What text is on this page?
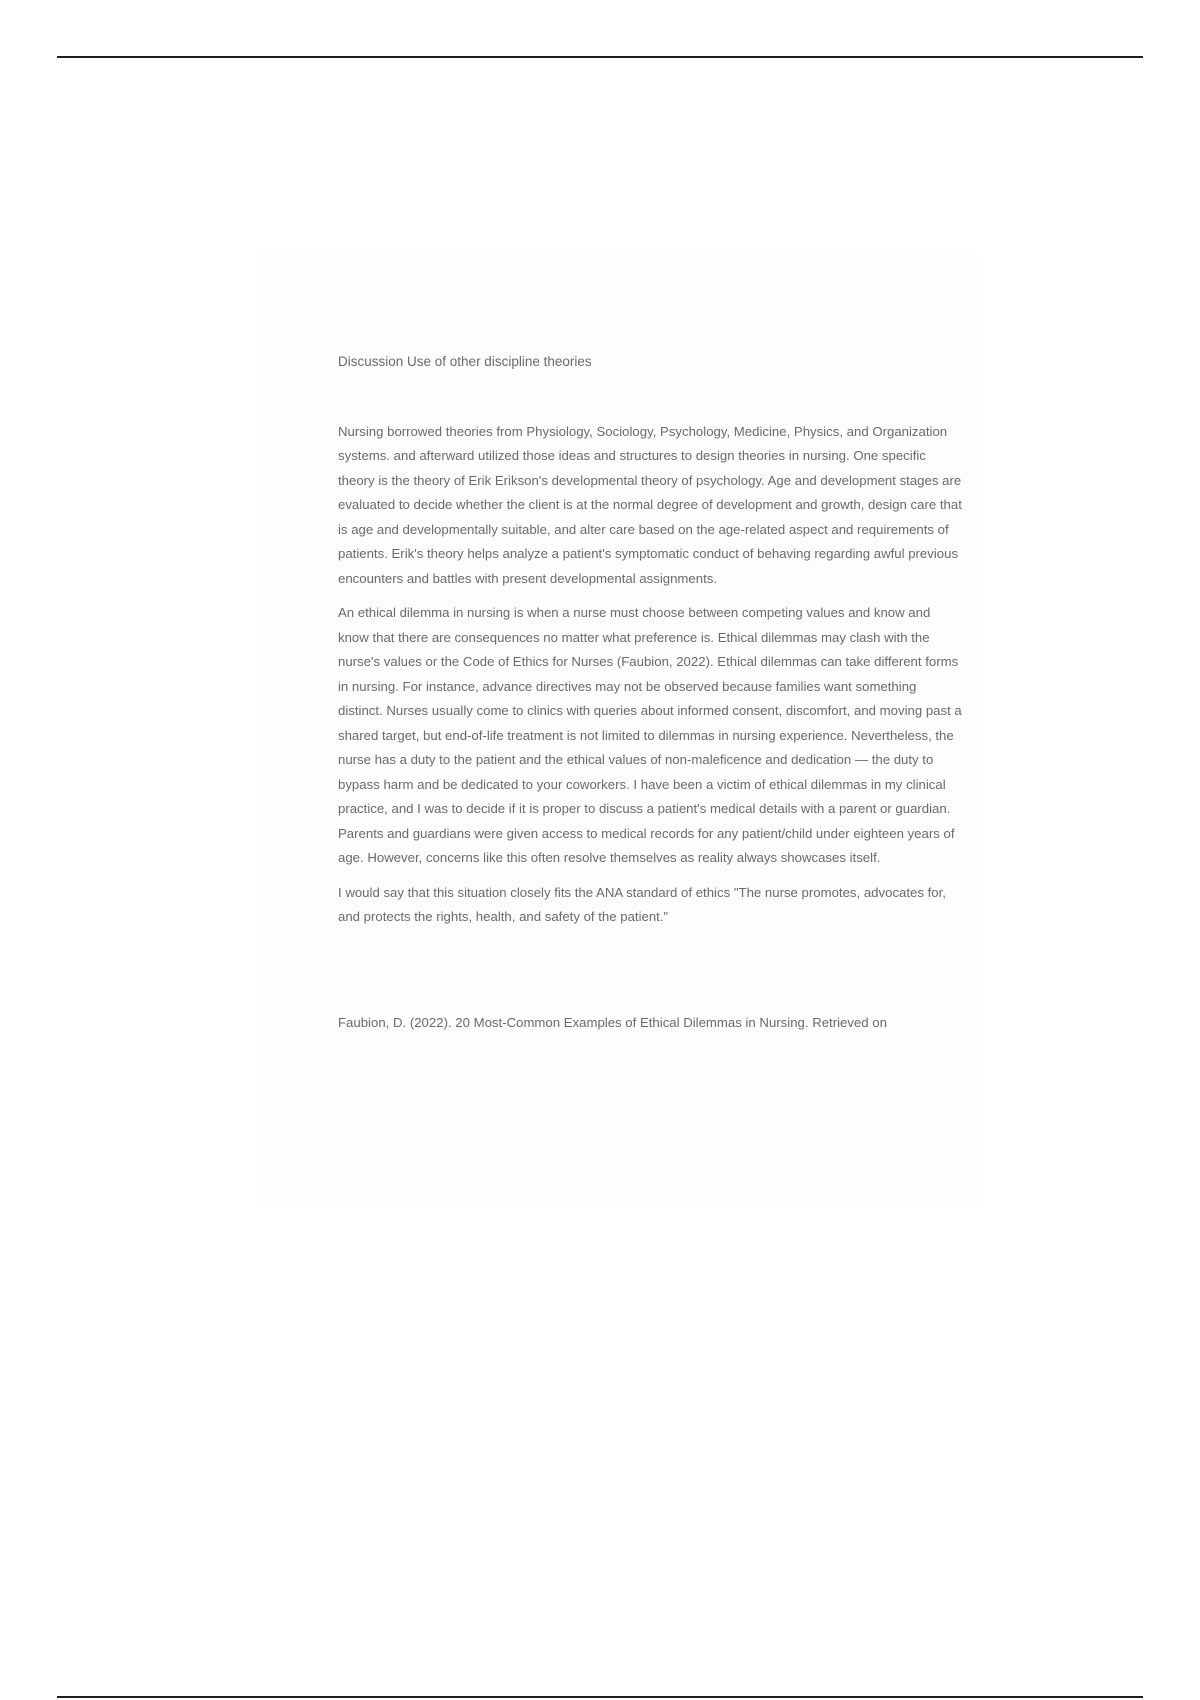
Discussion Use of other discipline theories

Nursing borrowed theories from Physiology, Sociology, Psychology, Medicine, Physics, and Organization systems. and afterward utilized those ideas and structures to design theories in nursing. One specific theory is the theory of Erik Erikson's developmental theory of psychology. Age and development stages are evaluated to decide whether the client is at the normal degree of development and growth, design care that is age and developmentally suitable, and alter care based on the age-related aspect and requirements of patients. Erik's theory helps analyze a patient's symptomatic conduct of behaving regarding awful previous encounters and battles with present developmental assignments.

An ethical dilemma in nursing is when a nurse must choose between competing values and know and know that there are consequences no matter what preference is. Ethical dilemmas may clash with the nurse's values or the Code of Ethics for Nurses (Faubion, 2022). Ethical dilemmas can take different forms in nursing. For instance, advance directives may not be observed because families want something distinct. Nurses usually come to clinics with queries about informed consent, discomfort, and moving past a shared target, but end-of-life treatment is not limited to dilemmas in nursing experience. Nevertheless, the nurse has a duty to the patient and the ethical values of non-maleficence and dedication — the duty to bypass harm and be dedicated to your coworkers. I have been a victim of ethical dilemmas in my clinical practice, and I was to decide if it is proper to discuss a patient's medical details with a parent or guardian. Parents and guardians were given access to medical records for any patient/child under eighteen years of age. However, concerns like this often resolve themselves as reality always showcases itself.

I would say that this situation closely fits the ANA standard of ethics "The nurse promotes, advocates for, and protects the rights, health, and safety of the patient."

Faubion, D. (2022). 20 Most-Common Examples of Ethical Dilemmas in Nursing. Retrieved on
